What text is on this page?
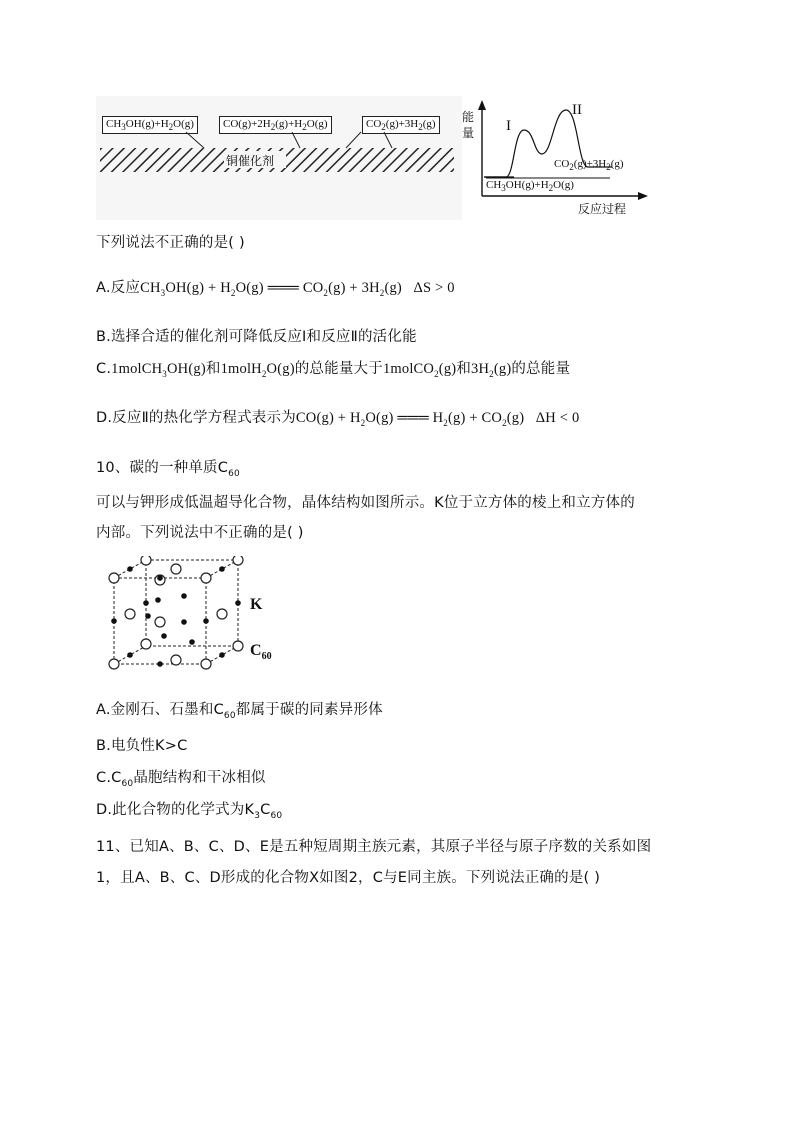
$CH_3OH(g)+H_2O(g)$	$CO(g)+2H_2(g)+H_2O(g)$	$CO_2(g)+3H_2(g)$
铜催化剂
能
量 I
II
$CO_2(g)+3H_2(g)$
$CH_3OH(g)+H_2O(g)$
反应过程
下列说法不正确的是( )
A.反应$CH_3OH(g) + H_2O(g)$ ═══ $CO_2(g) + 3H_2(g) \Delta S > 0$
B.选择合适的催化剂可降低反应Ⅰ和反应Ⅱ的活化能
C.1molCH$_3$OH(g)和1molH$_2$O(g)的总能量大于1molCO$_2$(g)和$3H_2(g)$的总能量
D.反应Ⅱ的热化学方程式表示为$CO(g) + H_2O(g)$ ═══ $H_2(g) + CO_2(g) \Delta H < 0$
10、碳的一种单质$C_{60}$
可以与钾形成低温超导化合物，晶体结构如图所示。K位于立方体的棱上和立方体的
内部。下列说法中不正确的是( )
K
$C_{60}$
A.金刚石、石墨和$C_{60}$都属于碳的同素异形体
B.电负性K>C
$C.C_{60}$晶胞结构和干冰相似
D.此化合物的化学式为$K_3C_{60}$
11、已知A、B、C、D、E是五种短周期主族元素，其原子半径与原子序数的关系如图
1，且A、B、C、D形成的化合物X如图2，C与E同主族。下列说法正确的是( )
